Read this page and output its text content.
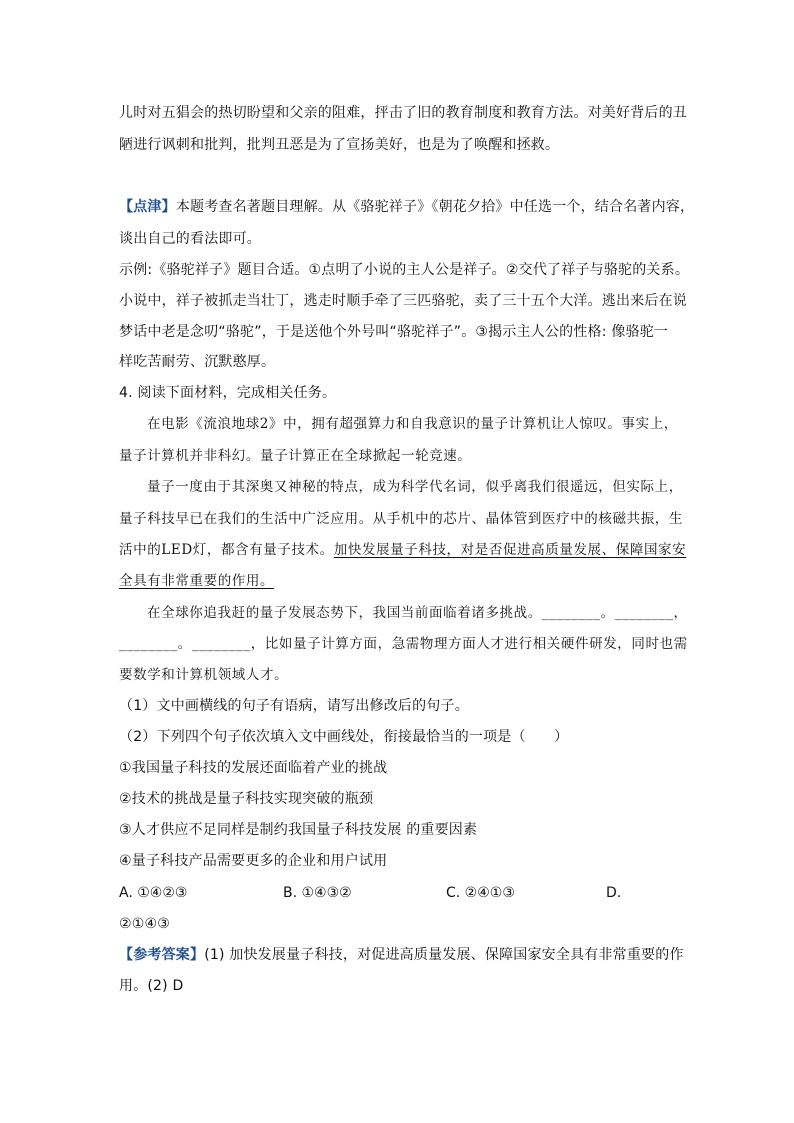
儿时对五猖会的热切盼望和父亲的阻难，抨击了旧的教育制度和教育方法。对美好背后的丑
陋进行讽刺和批判，批判丑恶是为了宣扬美好，也是为了唤醒和拯救。
【点津】本题考查名著题目理解。从《骆驼祥子》《朝花夕拾》中任选一个，结合名著内容，
谈出自己的看法即可。
示例:《骆驼祥子》题目合适。①点明了小说的主人公是祥子。②交代了祥子与骆驼的关系。
小说中，祥子被抓走当壮丁，逃走时顺手牵了三匹骆驼，卖了三十五个大洋。逃出来后在说
梦话中老是念叨“骆驼”，于是送他个外号叫“骆驼祥子”。③揭示主人公的性格: 像骆驼一
样吃苦耐劳、沉默憨厚。
4. 阅读下面材料，完成相关任务。
在电影《流浪地球2》中，拥有超强算力和自我意识的量子计算机让人惊叹。事实上，
量子计算机并非科幻。量子计算正在全球掀起一轮竞速。
量子一度由于其深奥又神秘的特点，成为科学代名词，似乎离我们很遥远，但实际上，
量子科技早已在我们的生活中广泛应用。从手机中的芯片、晶体管到医疗中的核磁共振，生
活中的LED灯，都含有量子技术。加快发展量子科技，对是否促进高质量发展、保障国家安
全具有非常重要的作用。
在全球你追我赶的量子发展态势下，我国当前面临着诸多挑战。________。________，
________。________，比如量子计算方面，急需物理方面人才进行相关硬件研发，同时也需
要数学和计算机领域人才。
（1）文中画横线的句子有语病，请写出修改后的句子。
（2）下列四个句子依次填入文中画线处，衔接最恰当的一项是（　　）
①我国量子科技的发展还面临着产业的挑战
②技术的挑战是量子科技实现突破的瓶颈
③人才供应不足同样是制约我国量子科技发展 的重要因素
④量子科技产品需要更多的企业和用户试用
A. ①④②③	B. ①④③②	C. ②④①③	D.
②①④③
【参考答案】(1) 加快发展量子科技，对促进高质量发展、保障国家安全具有非常重要的作
用。(2) D
